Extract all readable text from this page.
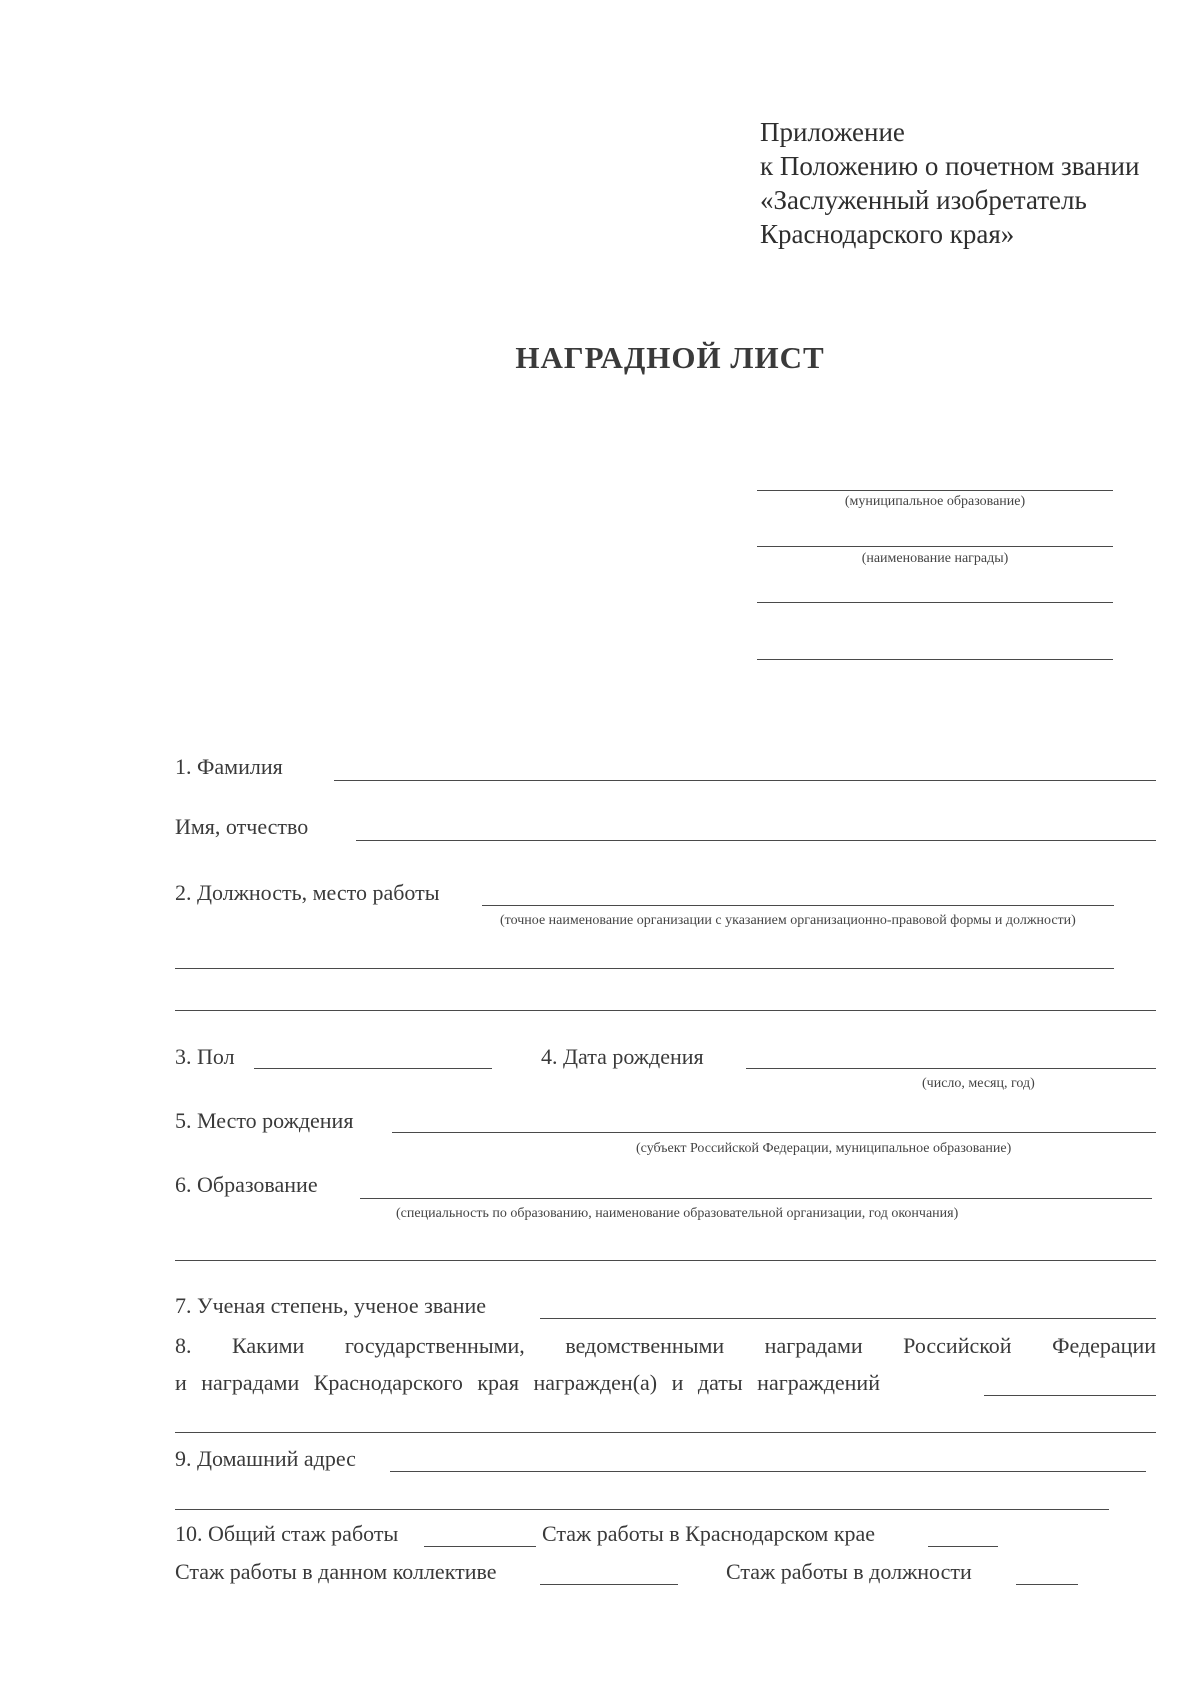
Приложение
к Положению о почетном звании
«Заслуженный изобретатель
Краснодарского края»
НАГРАДНОЙ ЛИСТ
(муниципальное образование)
(наименование награды)
1. Фамилия
Имя, отчество
2. Должность, место работы
(точное наименование организации с указанием организационно-правовой формы и должности)
3. Пол	4. Дата рождения
(число, месяц, год)
5. Место рождения
(субъект Российской Федерации, муниципальное образование)
6. Образование
(специальность по образованию, наименование образовательной организации, год окончания)
7. Ученая степень, ученое звание
8. Какими государственными, ведомственными наградами Российской Федерации
и наградами Краснодарского края награжден(а) и даты награждений
9. Домашний адрес
10. Общий стаж работы	Стаж работы в Краснодарском крае
Стаж работы в данном коллективе	Стаж работы в должности
